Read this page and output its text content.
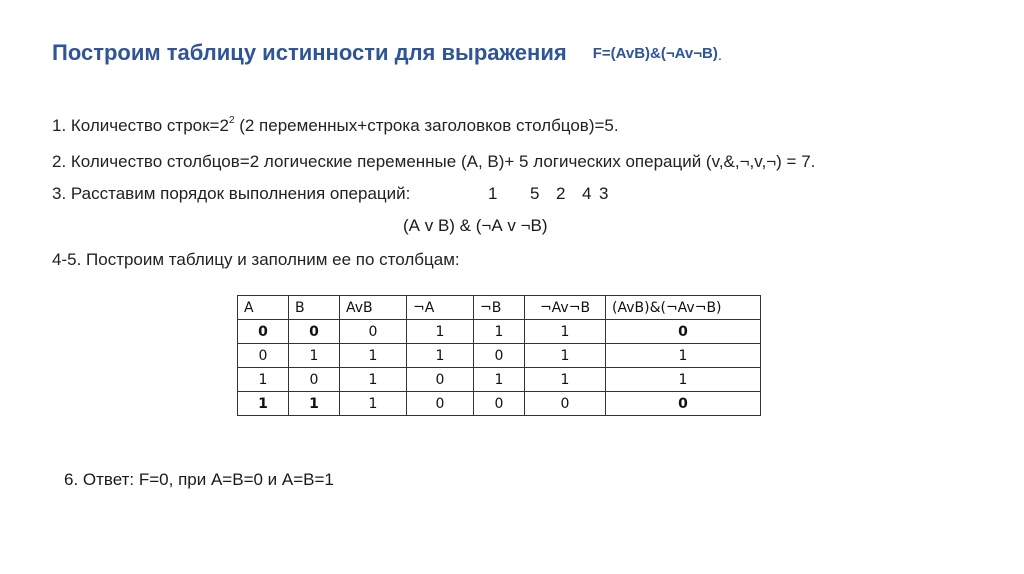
Построим таблицу истинности для выражения F=(AvB)&(¬Av¬B).
1. Количество $строк=2^2$ (2 переменных+строка заголовков столбцов)=5.
2. Количество столбцов=2 логические переменные (А, В)+ 5 логических операций (v,&,¬,v,¬) = 7.
3. Расставим порядок выполнения операций:	1 5 2 4 3
(А v В) & (¬А v ¬В)
4-5. Построим таблицу и заполним ее по столбцам:
A	B	AvB	¬A	¬B	¬Av¬B	(AvB)&(¬Av¬B)
0	0	0	1	1	1	0
0	1	1	1	0	1	1
1	0	1	0	1	1	1
1	1	1	0	0	0	0
6. Ответ: F=0, при А=В=0 и А=В=1
